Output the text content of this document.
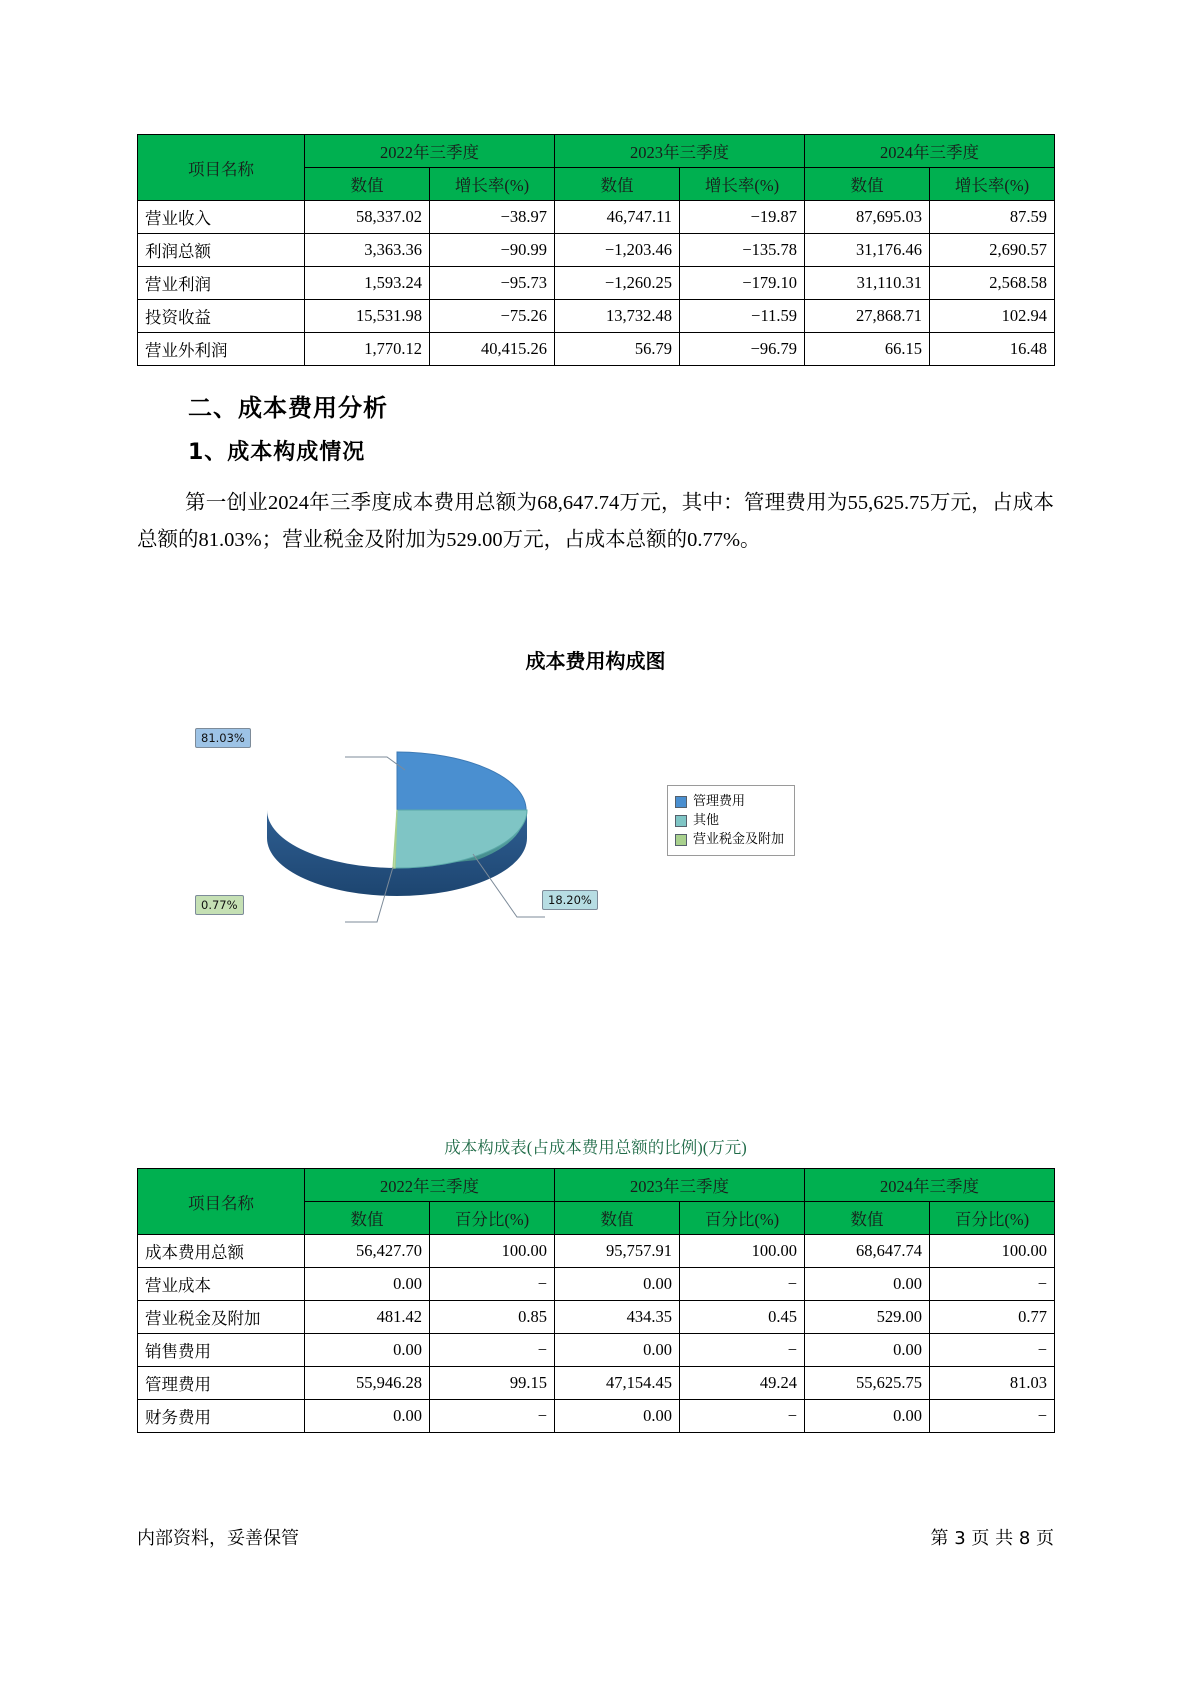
项目名称	2022年三季度		2023年三季度		2024年三季度	
	数值	增长率(%)	数值	增长率(%)	数值	增长率(%)
营业收入	58,337.02	−38.97	46,747.11	−19.87	87,695.03	87.59
利润总额	3,363.36	−90.99	−1,203.46	−135.78	31,176.46	2,690.57
营业利润	1,593.24	−95.73	−1,260.25	−179.10	31,110.31	2,568.58
投资收益	15,531.98	−75.26	13,732.48	−11.59	27,868.71	102.94
营业外利润	1,770.12	40,415.26	56.79	−96.79	66.15	16.48
二、成本费用分析
1、成本构成情况

第一创业2024年三季度成本费用总额为68,647.74万元，其中：管理费用为55,625.75万元，占成本总额的81.03%；营业税金及附加为529.00万元，占成本总额的0.77%。

成本费用构成图
81.03%
0.77%	18.20%
管理费用
其他
营业税金及附加
成本构成表(占成本费用总额的比例)(万元)
项目名称	2022年三季度		2023年三季度		2024年三季度	
	数值	百分比(%)	数值	百分比(%)	数值	百分比(%)
成本费用总额	56,427.70	100.00	95,757.91	100.00	68,647.74	100.00
营业成本	0.00	−	0.00	−	0.00	−
营业税金及附加	481.42	0.85	434.35	0.45	529.00	0.77
销售费用	0.00	−	0.00	−	0.00	−
管理费用	55,946.28	99.15	47,154.45	49.24	55,625.75	81.03
财务费用	0.00	−	0.00	−	0.00	−
内部资料，妥善保管	第 3 页 共 8 页
